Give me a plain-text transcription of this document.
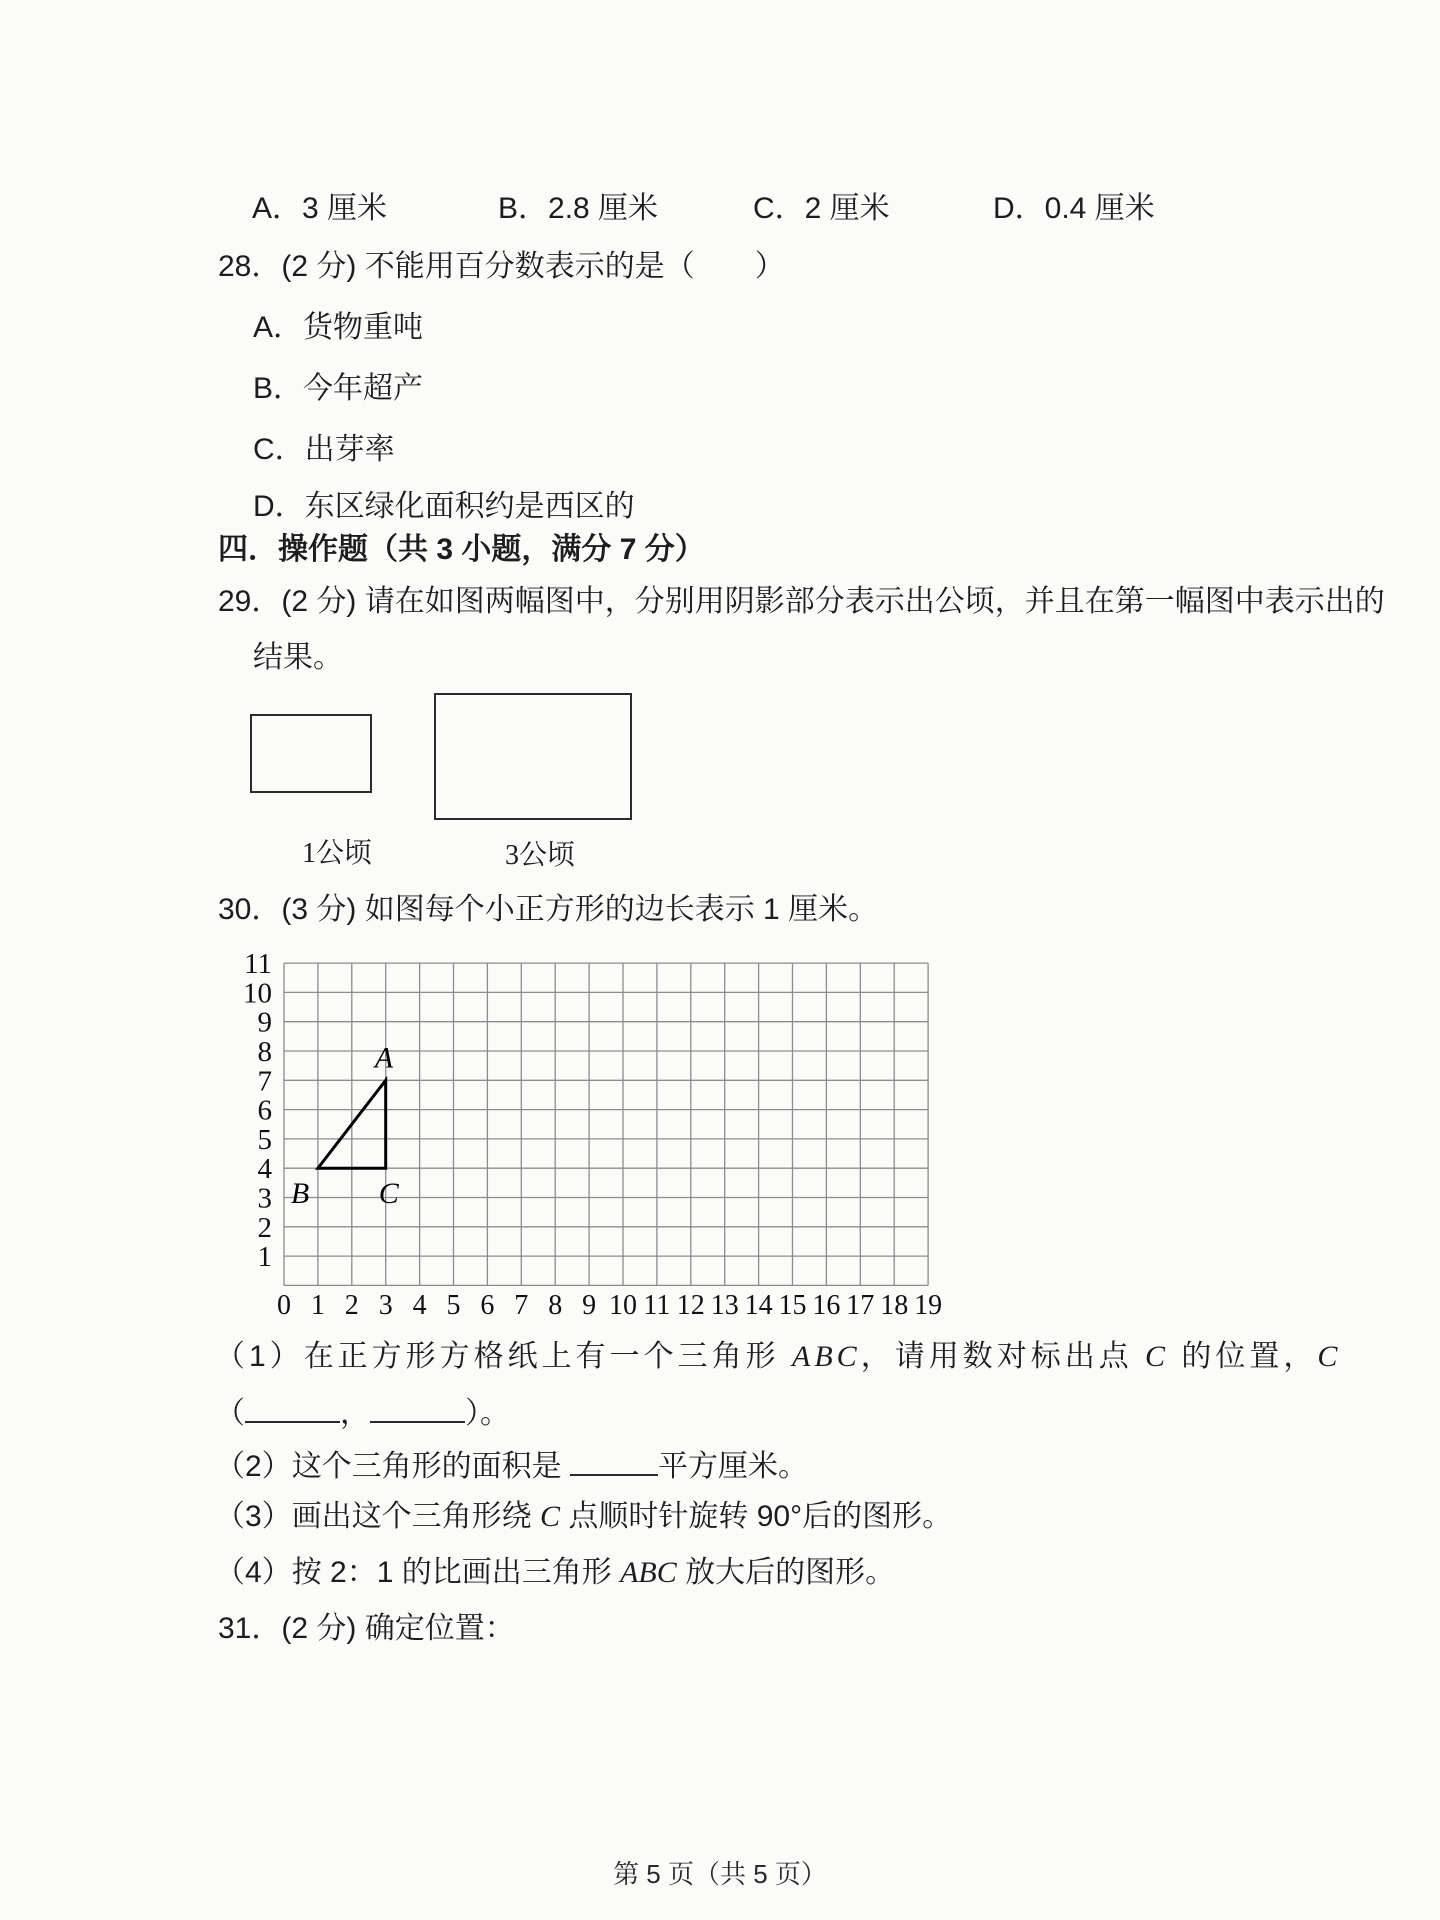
A．3 厘米	B．2.8 厘米	C．2 厘米	D．0.4 厘米
28．(2 分) 不能用百分数表示的是（　　）
A．货物重吨
B．今年超产
C．出芽率
D．东区绿化面积约是西区的
四．操作题（共 3 小题，满分 7 分）
29．(2 分) 请在如图两幅图中，分别用阴影部分表示出公顷，并且在第一幅图中表示出的
结果。
1公顷	3公顷
30．(3 分) 如图每个小正方形的边长表示 1 厘米。
0 1 2 3 4 5 6 7 8 9 10 11 12 13 14 15 16 17 18 19
11
10
9
8
7
6
5
4
3
2
1
A
B C
（1）在正方形方格纸上有一个三角形 ABC，请用数对标出点 C 的位置，C
（	，	）。
（2）这个三角形的面积是	平方厘米。
（3）画出这个三角形绕 C 点顺时针旋转 90°后的图形。
（4）按 2：1 的比画出三角形 ABC 放大后的图形。
31．(2 分) 确定位置：
第 5 页（共 5 页）
